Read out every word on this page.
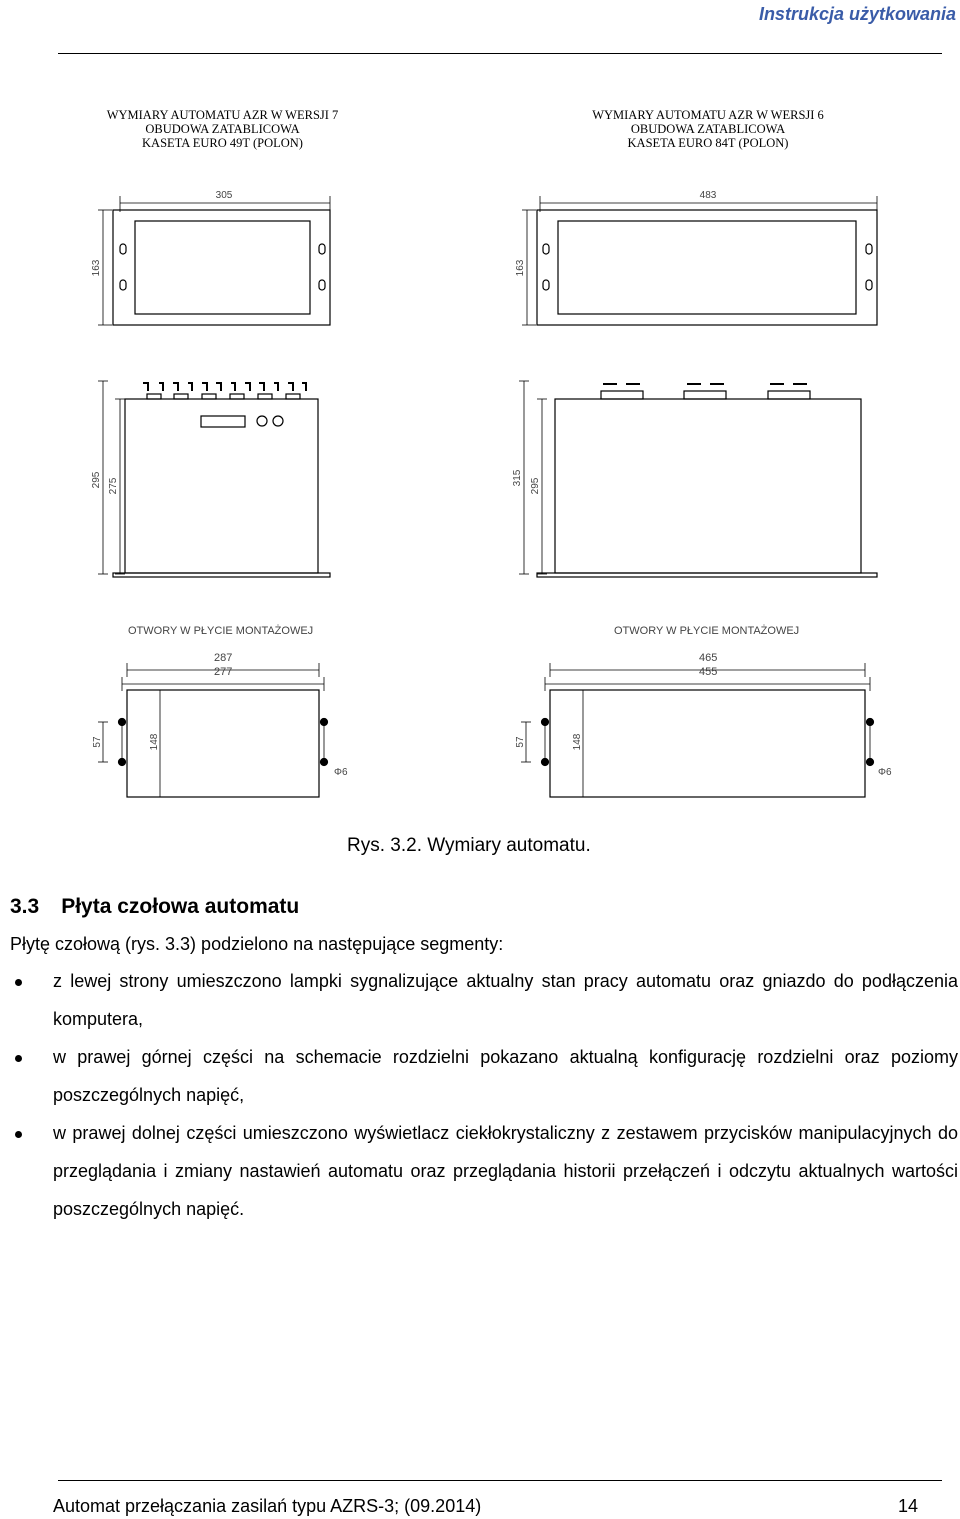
Instrukcja użytkowania
WYMIARY AUTOMATU AZR W WERSJI 7
OBUDOWA ZATABLICOWA
KASETA EURO 49T (POLON)
WYMIARY AUTOMATU AZR W WERSJI 6
OBUDOWA ZATABLICOWA
KASETA EURO 84T (POLON)
305
163
483
163
295 275	315 295
57	148
Φ6
57	148
Φ6
OTWORY W PŁYCIE MONTAŻOWEJ	OTWORY W PŁYCIE MONTAŻOWEJ
287
277
465
455
Rys. 3.2. Wymiary automatu.
3.3 Płyta czołowa automatu
Płytę czołową (rys. 3.3) podzielono na następujące segmenty:
z lewej strony umieszczono lampki sygnalizujące aktualny stan pracy automatu oraz gniazdo do podłączenia komputera,
w prawej górnej części na schemacie rozdzielni pokazano aktualną konfigurację rozdzielni oraz poziomy poszczególnych napięć,
w prawej dolnej części umieszczono wyświetlacz ciekłokrystaliczny z zestawem przycisków manipulacyjnych do przeglądania i zmiany nastawień automatu oraz przeglądania historii przełączeń i odczytu aktualnych wartości poszczególnych napięć.
Automat przełączania zasilań typu AZRS-3; (09.2014)	14
